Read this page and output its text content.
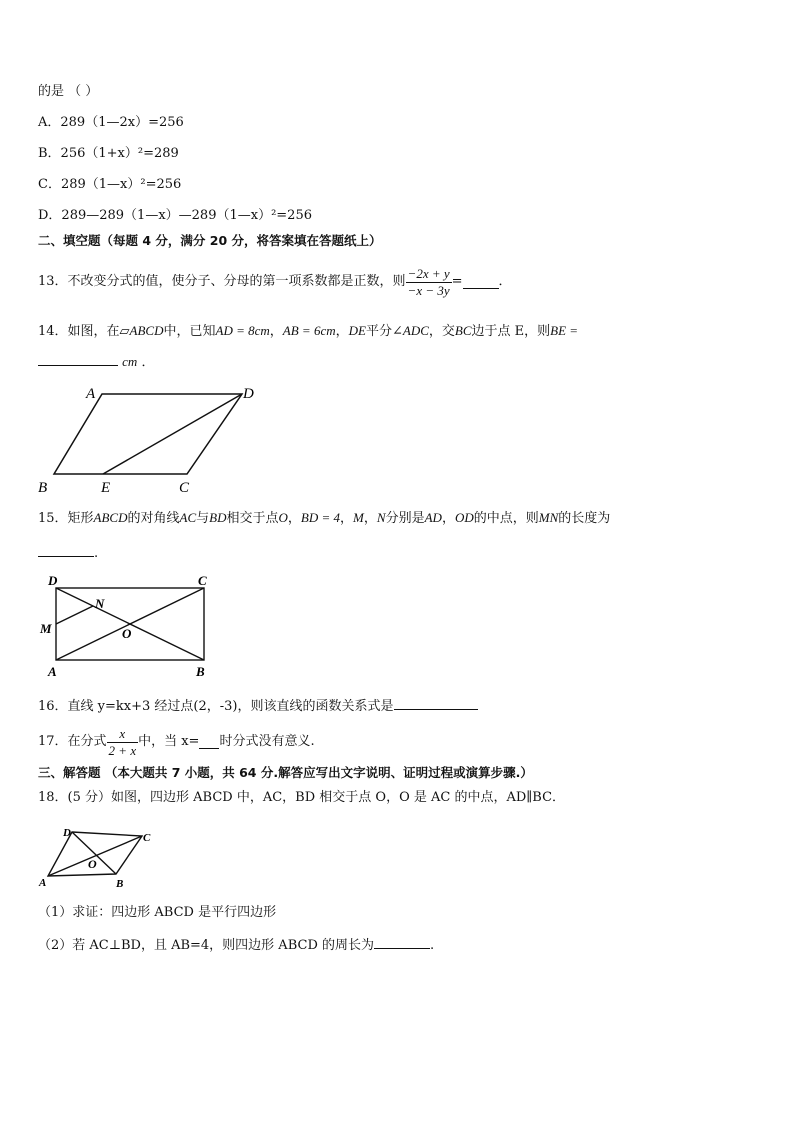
的是 （ ）
A．289（1—2x）=256
B．256（1+x）²=289
C．289（1—x）²=256
D．289—289（1—x）—289（1—x）²=256
二、填空题（每题 4 分，满分 20 分，将答案填在答题纸上）
13．不改变分式的值，使分子、分母的第一项系数都是正数，则 $\frac{-2x + y}{-x - 3y}$ =	．
14．如图，在▱ABCD中，已知AD = 8cm，AB = 6cm，DE平分∠ADC，交BC边于点 E，则BE =
cm ．
A	D
B	E	C
15．矩形ABCD的对角线AC与BD相交于点O，BD = 4，M，N分别是AD，OD的中点，则MN的长度为
.
D	C
M
N
O
A	B
16．直线 y=kx+3 经过点(2，-3)，则该直线的函数关系式是
17．在分式 $\frac{x}{2 + x}$ 中，当 x= 时分式没有意义.
三、解答题 （本大题共 7 小题，共 64 分.解答应写出文字说明、证明过程或演算步骤.）
18．(5 分）如图，四边形 ABCD 中，AC，BD 相交于点 O，O 是 AC 的中点，AD∥BC．
D	C
O
A	B
（1）求证：四边形 ABCD 是平行四边形
（2）若 AC⊥BD，且 AB=4，则四边形 ABCD 的周长为	.
